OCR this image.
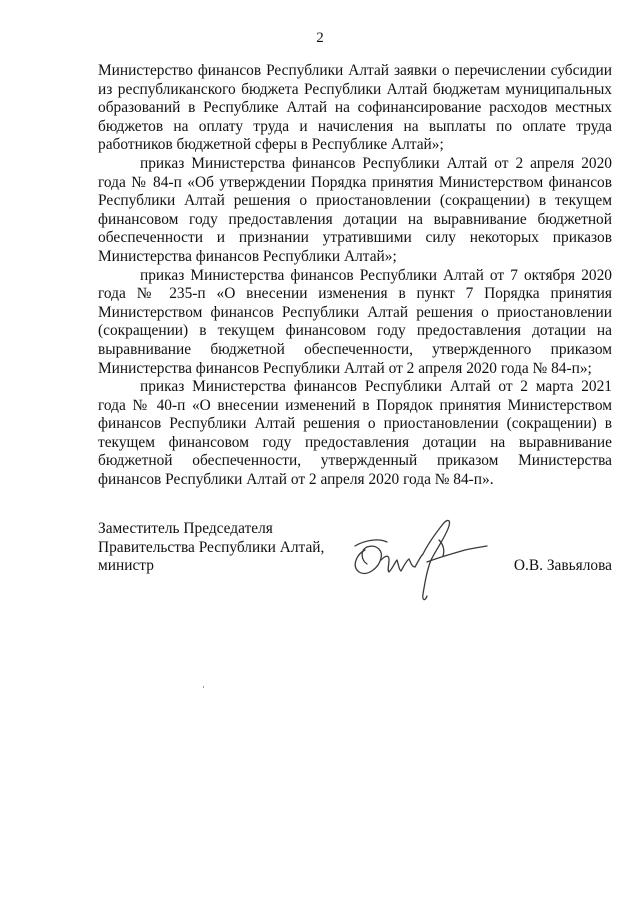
2

Министерство финансов Республики Алтай заявки о перечислении субсидии из республиканского бюджета Республики Алтай бюджетам муниципальных образований в Республике Алтай на софинансирование расходов местных бюджетов на оплату труда и начисления на выплаты по оплате труда работников бюджетной сферы в Республике Алтай»;

приказ Министерства финансов Республики Алтай от 2 апреля 2020 года № 84-п «Об утверждении Порядка принятия Министерством финансов Республики Алтай решения о приостановлении (сокращении) в текущем финансовом году предоставления дотации на выравнивание бюджетной обеспеченности и признании утратившими силу некоторых приказов Министерства финансов Республики Алтай»;

приказ Министерства финансов Республики Алтай от 7 октября 2020 года № 235-п «О внесении изменения в пункт 7 Порядка принятия Министерством финансов Республики Алтай решения о приостановлении (сокращении) в текущем финансовом году предоставления дотации на выравнивание бюджетной обеспеченности, утвержденного приказом Министерства финансов Республики Алтай от 2 апреля 2020 года № 84-п»;

приказ Министерства финансов Республики Алтай от 2 марта 2021 года № 40-п «О внесении изменений в Порядок принятия Министерством финансов Республики Алтай решения о приостановлении (сокращении) в текущем финансовом году предоставления дотации на выравнивание бюджетной обеспеченности, утвержденный приказом Министерства финансов Республики Алтай от 2 апреля 2020 года № 84-п».

Заместитель Председателя
Правительства Республики Алтай,
министр	О.В. Завьялова
